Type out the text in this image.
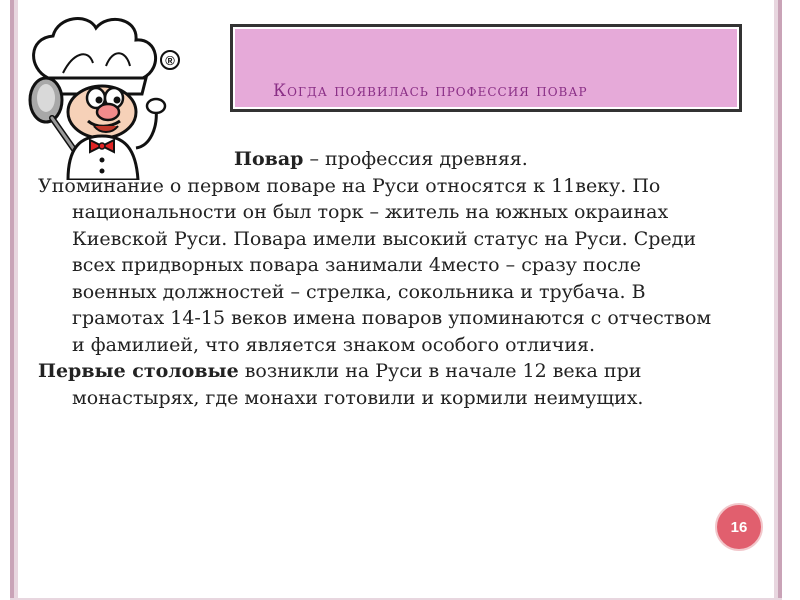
®
Когда появилась профессия повар

Повар – профессия древняя.

Упоминание о первом поваре на Руси относятся к 11веку. По национальности он был торк – житель на южных окраинах Киевской Руси. Повара имели высокий статус на Руси. Среди всех придворных повара занимали 4место – сразу после военных должностей – стрелка, сокольника и трубача. В грамотах 14-15 веков имена поваров упоминаются с отчеством и фамилией, что является знаком особого отличия.

Первые столовые возникли на Руси в начале 12 века при монастырях, где монахи готовили и кормили неимущих.

16
